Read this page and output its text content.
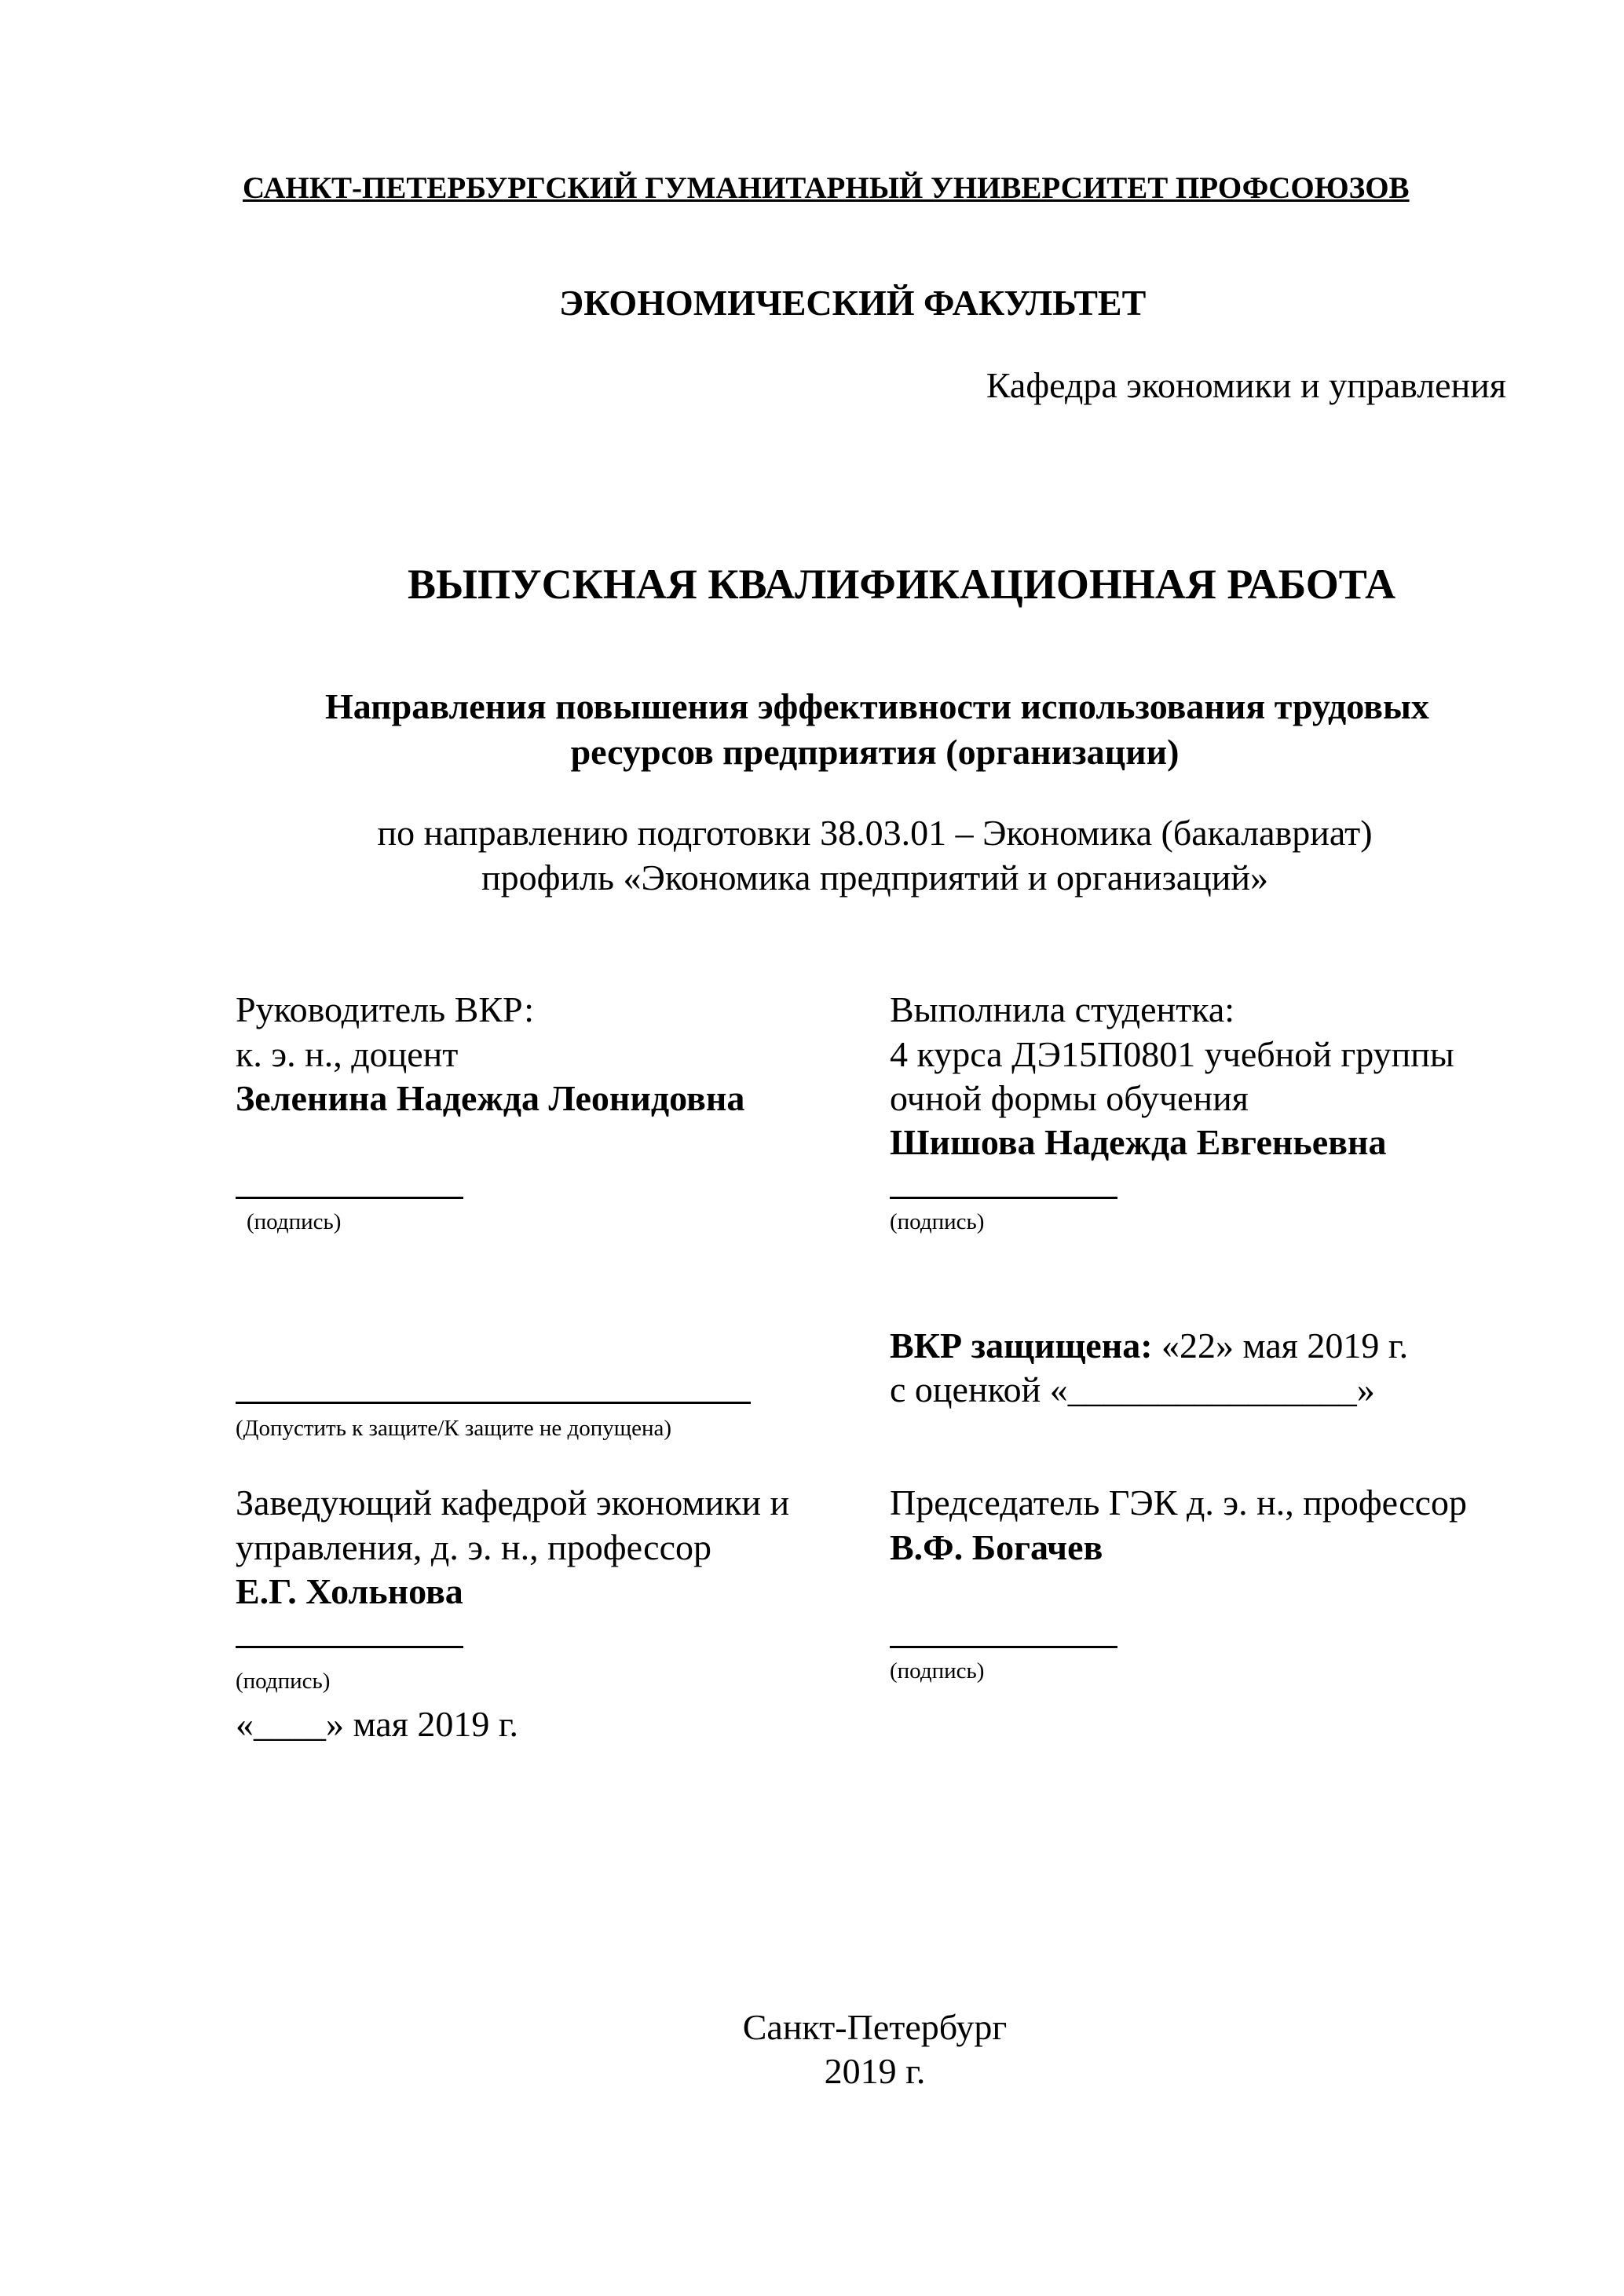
САНКТ-ПЕТЕРБУРГСКИЙ ГУМАНИТАРНЫЙ УНИВЕРСИТЕТ ПРОФСОЮЗОВ
ЭКОНОМИЧЕСКИЙ ФАКУЛЬТЕТ
Кафедра экономики и управления
ВЫПУСКНАЯ КВАЛИФИКАЦИОННАЯ РАБОТА
Направления повышения эффективности использования трудовых
ресурсов предприятия (организации)
по направлению подготовки 38.03.01 – Экономика (бакалавриат)
профиль «Экономика предприятий и организаций»
Руководитель ВКР:
к. э. н., доцент
Зеленина Надежда Леонидовна
(подпись)
Выполнила студентка:
4 курса ДЭ15П0801 учебной группы
очной формы обучения
Шишова Надежда Евгеньевна
(подпись)
ВКР защищена: «22» мая 2019 г.
с оценкой «________________»
(Допустить к защите/К защите не допущена)
Заведующий кафедрой экономики и
управления, д. э. н., профессор
Е.Г. Хольнова
(подпись)
«____» мая 2019 г.
Председатель ГЭК д. э. н., профессор
В.Ф. Богачев
(подпись)
Санкт-Петербург
2019 г.
